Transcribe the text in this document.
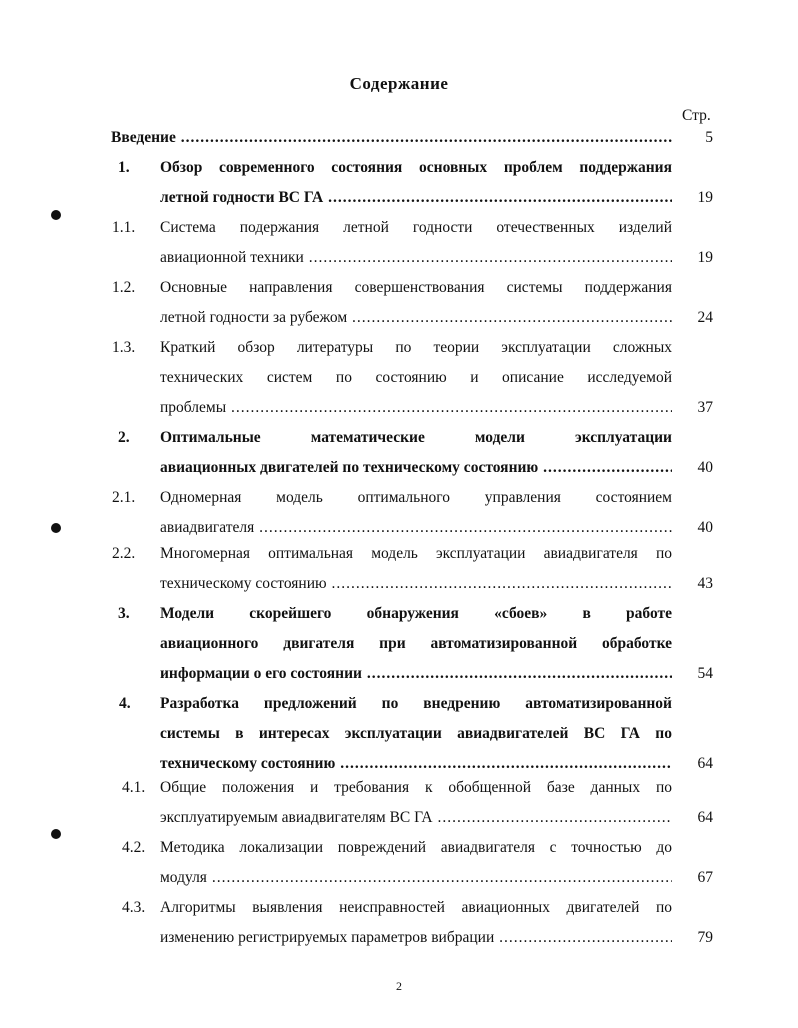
Содержание
Стр.
Введение .....	5
1. Обзор современного состояния основных проблем поддержания
летной годности ВС ГА .....	19
1.1. Система подержания летной годности отечественных изделий
авиационной техники .....	19
1.2. Основные направления совершенствования системы поддержания
летной годности за рубежом .....	24
1.3. Краткий обзор литературы по теории эксплуатации сложных
технических систем по состоянию и описание исследуемой
проблемы .....	37
2. Оптимальные математические модели эксплуатации
авиационных двигателей по техническому состоянию .....	40
2.1. Одномерная модель оптимального управления состоянием
авиадвигателя .....	40
2.2. Многомерная оптимальная модель эксплуатации авиадвигателя по
техническому состоянию .....	43
3. Модели скорейшего обнаружения «сбоев» в работе
авиационного двигателя при автоматизированной обработке
информации о его состоянии .....	54
4. Разработка предложений по внедрению автоматизированной
системы в интересах эксплуатации авиадвигателей ВС ГА по
техническому состоянию .....	64
4.1. Общие положения и требования к обобщенной базе данных по
эксплуатируемым авиадвигателям ВС ГА .....	64
4.2. Методика локализации повреждений авиадвигателя с точностью до
модуля .....	67
4.3. Алгоритмы выявления неисправностей авиационных двигателей по
изменению регистрируемых параметров вибрации .....	79
2
